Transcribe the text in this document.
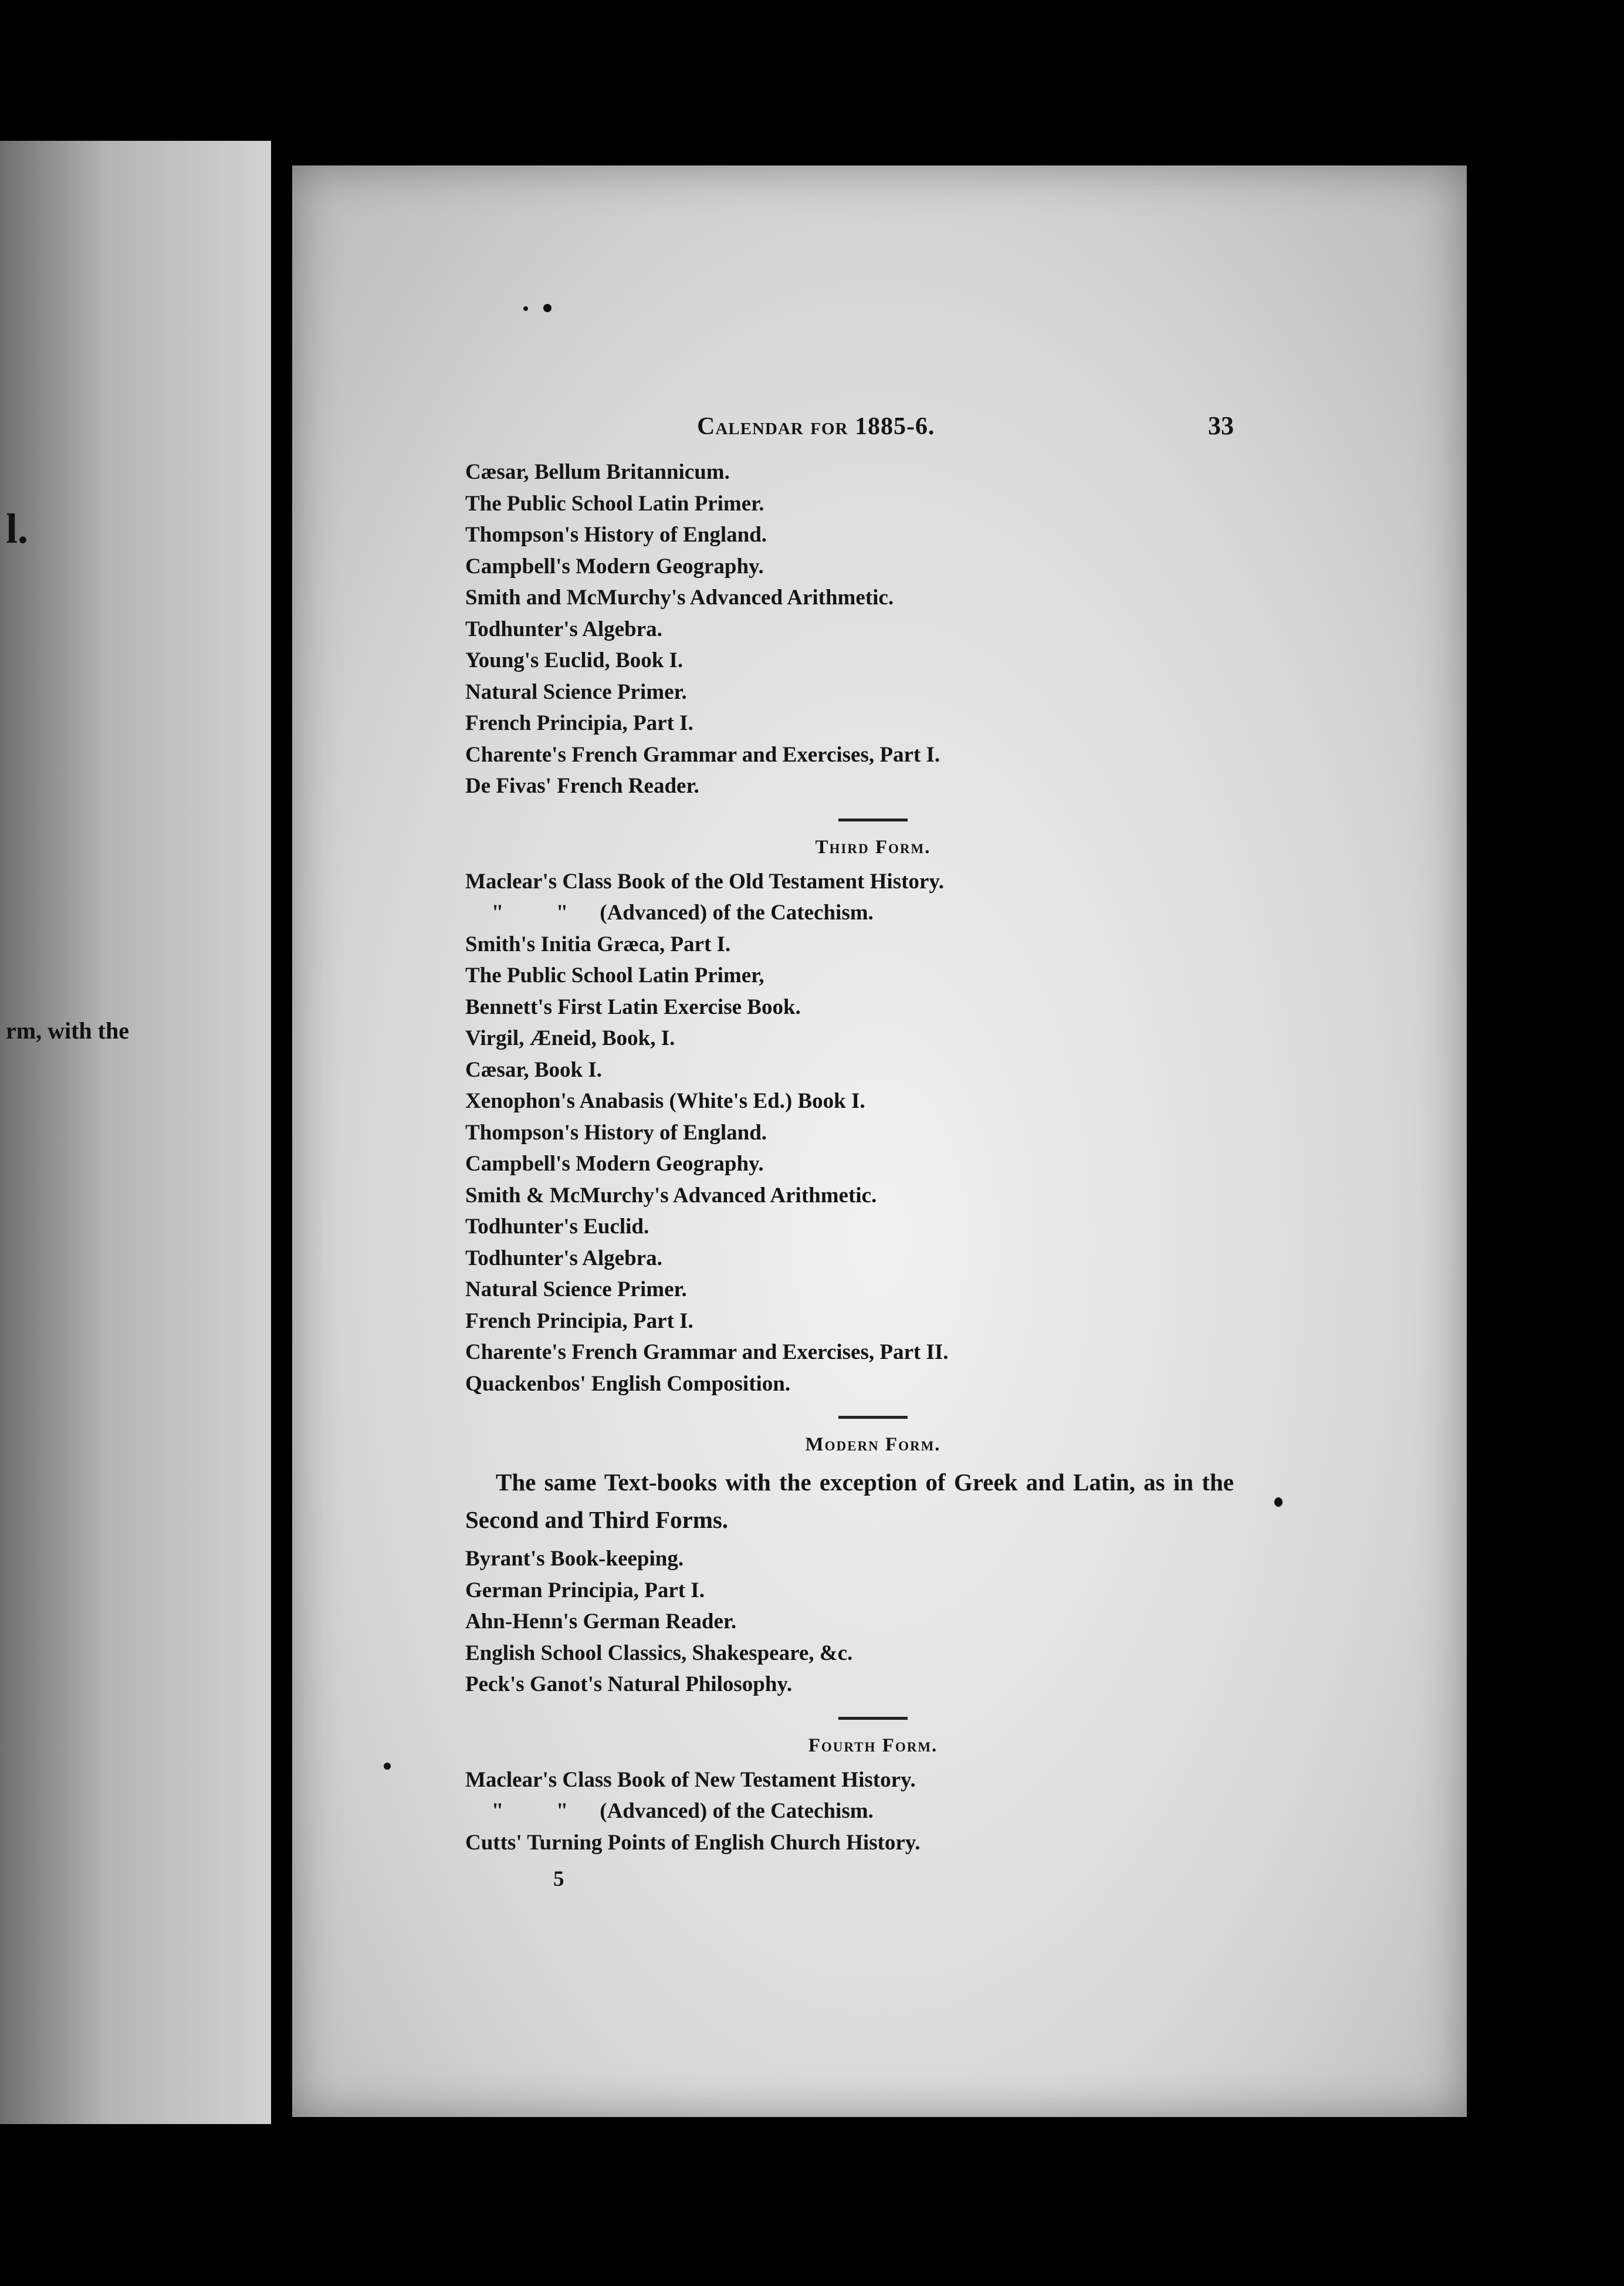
l.
rm, with the
Calendar for 1885-6.	33
Cæsar, Bellum Britannicum.
The Public School Latin Primer.
Thompson's History of England.
Campbell's Modern Geography.
Smith and McMurchy's Advanced Arithmetic.
Todhunter's Algebra.
Young's Euclid, Book I.
Natural Science Primer.
French Principia, Part I.
Charente's French Grammar and Exercises, Part I.
De Fivas' French Reader.
Third Form.
Maclear's Class Book of the Old Testament History.
" " (Advanced) of the Catechism.
Smith's Initia Græca, Part I.
The Public School Latin Primer,
Bennett's First Latin Exercise Book.
Virgil, Æneid, Book, I.
Cæsar, Book I.
Xenophon's Anabasis (White's Ed.) Book I.
Thompson's History of England.
Campbell's Modern Geography.
Smith & McMurchy's Advanced Arithmetic.
Todhunter's Euclid.
Todhunter's Algebra.
Natural Science Primer.
French Principia, Part I.
Charente's French Grammar and Exercises, Part II.
Quackenbos' English Composition.
Modern Form.
The same Text-books with the exception of Greek and Latin, as in the Second and Third Forms.
Byrant's Book-keeping.
German Principia, Part I.
Ahn-Henn's German Reader.
English School Classics, Shakespeare, &c.
Peck's Ganot's Natural Philosophy.
Fourth Form.
Maclear's Class Book of New Testament History.
" " (Advanced) of the Catechism.
Cutts' Turning Points of English Church History.
5
